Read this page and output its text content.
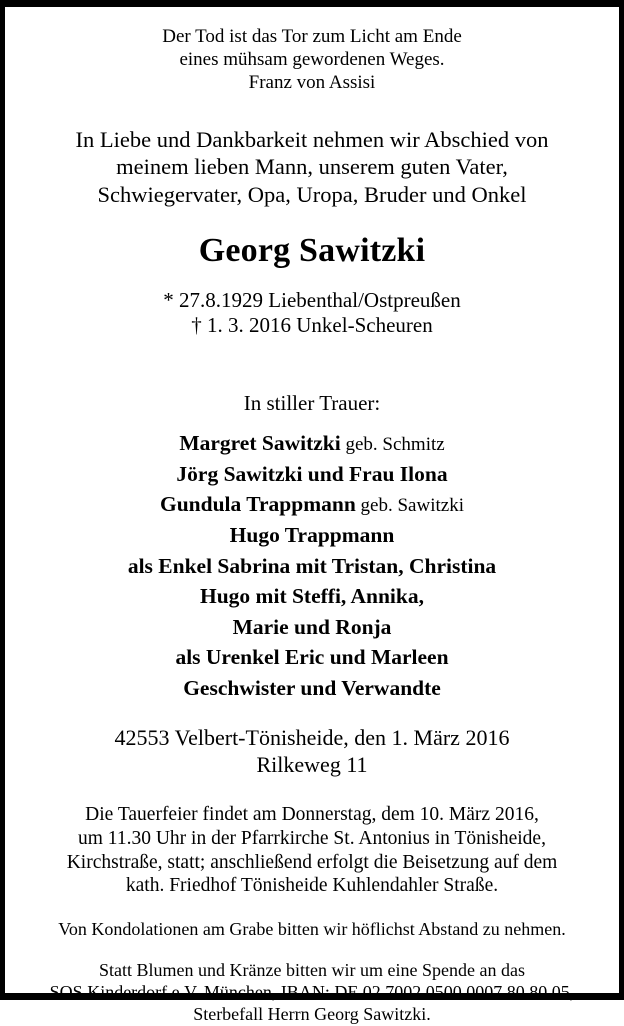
Der Tod ist das Tor zum Licht am Ende
eines mühsam gewordenen Weges.
Franz von Assisi
In Liebe und Dankbarkeit nehmen wir Abschied von
meinem lieben Mann, unserem guten Vater,
Schwiegervater, Opa, Uropa, Bruder und Onkel
Georg Sawitzki
* 27.8.1929 Liebenthal/Ostpreußen
† 1. 3. 2016 Unkel-Scheuren
In stiller Trauer:
Margret Sawitzki geb. Schmitz
Jörg Sawitzki und Frau Ilona
Gundula Trappmann geb. Sawitzki
Hugo Trappmann
als Enkel Sabrina mit Tristan, Christina
Hugo mit Steffi, Annika,
Marie und Ronja
als Urenkel Eric und Marleen
Geschwister und Verwandte
42553 Velbert-Tönisheide, den 1. März 2016
Rilkeweg 11
Die Tauerfeier findet am Donnerstag, dem 10. März 2016,
um 11.30 Uhr in der Pfarrkirche St. Antonius in Tönisheide,
Kirchstraße, statt; anschließend erfolgt die Beisetzung auf dem
kath. Friedhof Tönisheide Kuhlendahler Straße.
Von Kondolationen am Grabe bitten wir höflichst Abstand zu nehmen.
Statt Blumen und Kränze bitten wir um eine Spende an das
SOS Kinderdorf e.V. München, IBAN: DE 02 7002 0500 0007 80 80 05,
Sterbefall Herrn Georg Sawitzki.
